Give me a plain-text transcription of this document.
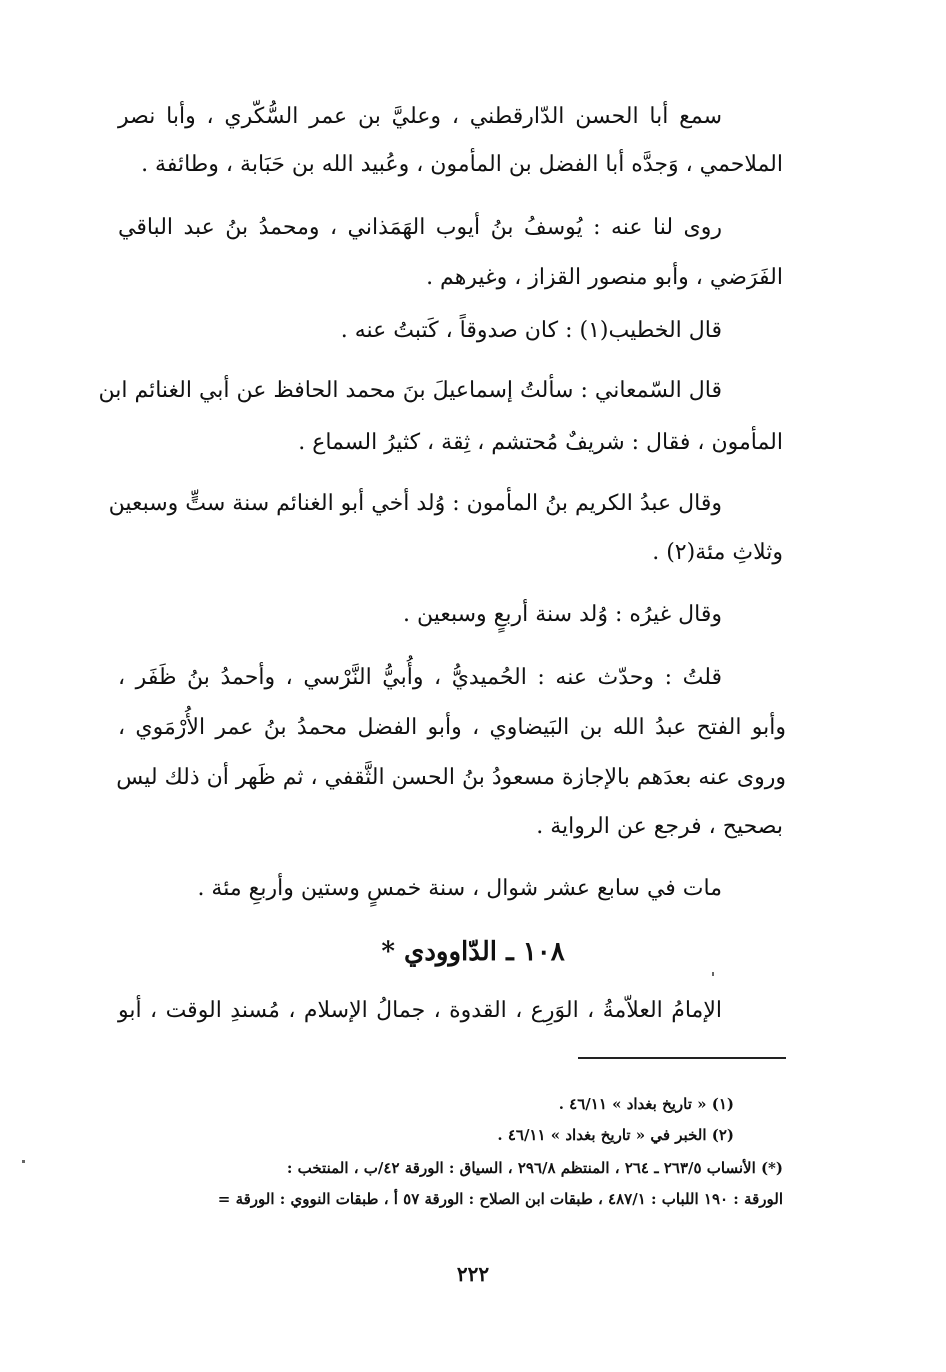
سمع أبا الحسن الدّارقطني ، وعليَّ بن عمر السُّكّري ، وأبا نصر
الملاحمي ، وَجدَّه أبا الفضل بن المأمون ، وعُبيد الله بن حَبَابة ، وطائفة .
روى لنا عنه : يُوسفُ بنُ أيوب الهَمَذاني ، ومحمدُ بنُ عبد الباقي
الفَرَضي ، وأبو منصور القزاز ، وغيرهم .
قال الخطيب(١) : كان صدوقاً ، كَتبتُ عنه .
قال السّمعاني : سألتُ إسماعيلَ بنَ محمد الحافظ عن أبي الغنائم ابن
المأمون ، فقال : شريفٌ مُحتشم ، ثِقة ، كثيرُ السماع .
وقال عبدُ الكريم بنُ المأمون : وُلد أخي أبو الغنائم سنة ستٍّ وسبعين
وثلاثِ مئة(٢) .
وقال غيرُه : وُلد سنة أربعٍ وسبعين .
قلتُ : وحدّث عنه : الحُميديُّ ، وأُبيُّ النَّرْسي ، وأحمدُ بنُ ظَفَر ،
وأبو الفتح عبدُ الله بن البَيضاوي ، وأبو الفضل محمدُ بنُ عمر الأُرْمَوي ،
وروى عنه بعدَهم بالإجازة مسعودُ بنُ الحسن الثَّقفي ، ثم ظَهر أن ذلك ليس
بصحيح ، فرجع عن الرواية .
مات في سابع عشر شوال ، سنة خمسٍ وستين وأربعِ مئة .
١٠٨ ـ الدّاوودي *
الإمامُ العلاّمةُ ، الوَرِع ، القدوة ، جمالُ الإسلام ، مُسندِ الوقت ، أبو
(١) « تاريخ بغداد » ٤٦/١١ .
(٢) الخبر في « تاريخ بغداد » ٤٦/١١ .
(*) الأنساب ٢٦٣/٥ ـ ٢٦٤ ، المنتظم ٢٩٦/٨ ، السياق : الورقة ٤٢/ب ، المنتخب :
الورقة : ١٩٠ اللباب : ٤٨٧/١ ، طبقات ابن الصلاح : الورقة ٥٧ أ ، طبقات النووي : الورقة =
٢٢٢
